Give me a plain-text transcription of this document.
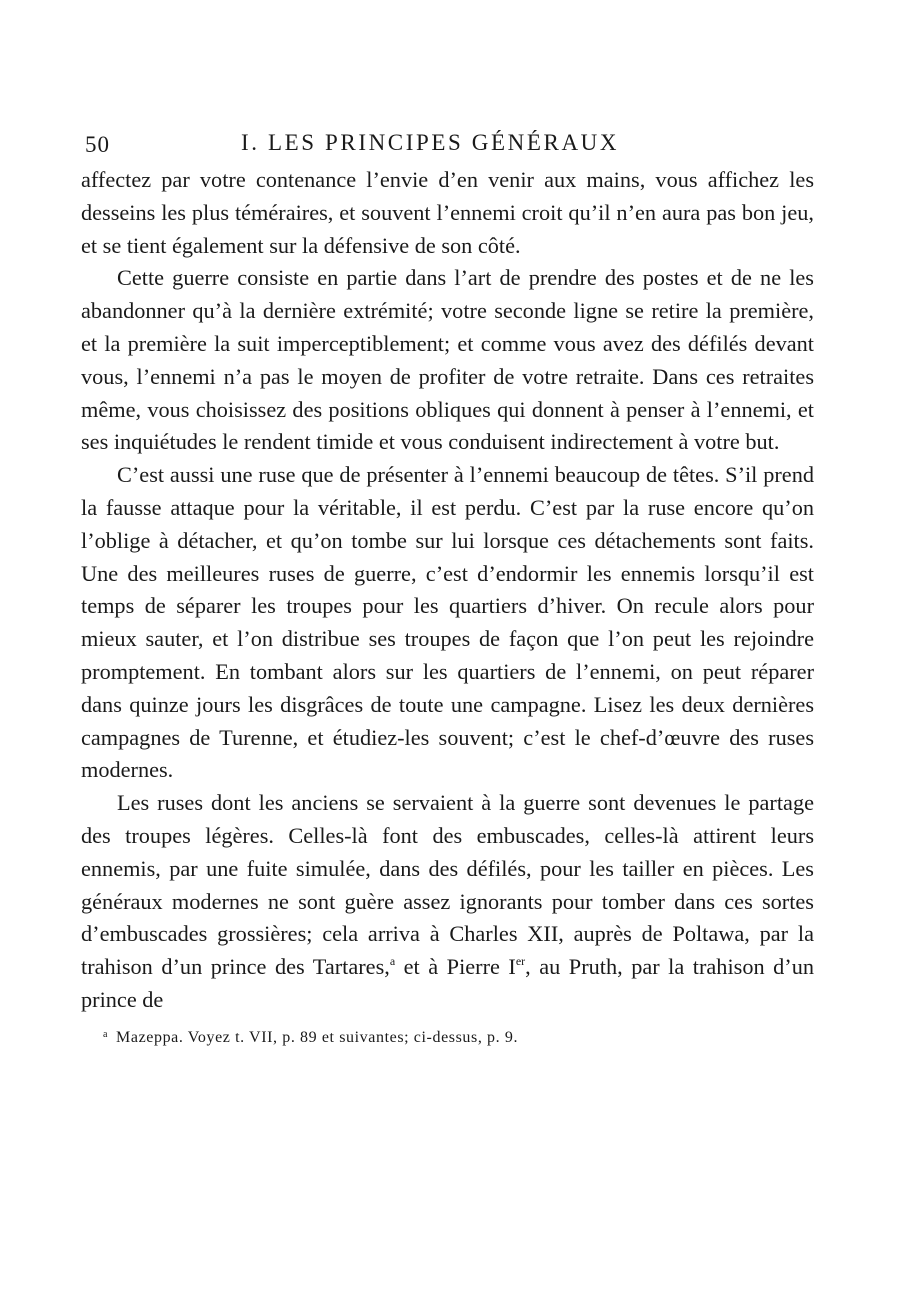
50	I. LES PRINCIPES GÉNÉRAUX

affectez par votre contenance l’envie d’en venir aux mains, vous affichez les desseins les plus téméraires, et souvent l’ennemi croit qu’il n’en aura pas bon jeu, et se tient également sur la défensive de son côté.

Cette guerre consiste en partie dans l’art de prendre des postes et de ne les abandonner qu’à la dernière extrémité; votre seconde ligne se retire la première, et la première la suit imperceptiblement; et comme vous avez des défilés devant vous, l’ennemi n’a pas le moyen de profiter de votre retraite. Dans ces retraites même, vous choisissez des positions obliques qui donnent à penser à l’ennemi, et ses inquiétudes le rendent timide et vous conduisent indirectement à votre but.

C’est aussi une ruse que de présenter à l’ennemi beaucoup de têtes. S’il prend la fausse attaque pour la véritable, il est perdu. C’est par la ruse encore qu’on l’oblige à détacher, et qu’on tombe sur lui lorsque ces détachements sont faits. Une des meilleures ruses de guerre, c’est d’endormir les ennemis lorsqu’il est temps de séparer les troupes pour les quartiers d’hiver. On recule alors pour mieux sauter, et l’on distribue ses troupes de façon que l’on peut les rejoindre promptement. En tombant alors sur les quartiers de l’ennemi, on peut réparer dans quinze jours les disgrâces de toute une campagne. Lisez les deux dernières campagnes de Turenne, et étudiez-les souvent; c’est le chef-d’œuvre des ruses modernes.

Les ruses dont les anciens se servaient à la guerre sont devenues le partage des troupes légères. Celles-là font des embuscades, celles-là attirent leurs ennemis, par une fuite simulée, dans des défilés, pour les tailler en pièces. Les généraux modernes ne sont guère assez ignorants pour tomber dans ces sortes d’embuscades grossières; cela arriva à Charles XII, auprès de Poltawa, par la trahison d’un prince des Tartares,$^a$ et à Pierre Ier, au Pruth, par la trahison d’un prince de

$^a$ Mazeppa. Voyez t. VII, p. 89 et suivantes; ci-dessus, p. 9.
